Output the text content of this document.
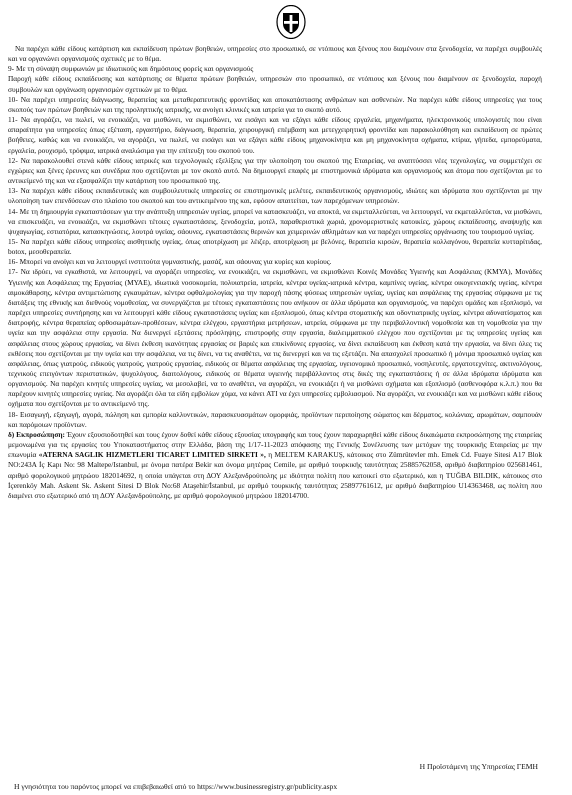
Να παρέχει κάθε είδους κατάρτιση και εκπαίδευση πρώτων βοηθειών, υπηρεσίες στο προσωπικό, σε ντόπιους και ξένους που διαμένουν στα ξενοδοχεία, να παρέχει συμβουλές και να οργανώνει οργανισμούς σχετικές με το θέμα.

9- Με τη σύναψη συμφωνιών με ιδιωτικούς και δημόσιους φορείς και οργανισμούς

Παροχή κάθε είδους εκπαίδευσης και κατάρτισης σε θέματα πρώτων βοηθειών, υπηρεσιών στο προσωπικό, σε ντόπιους και ξένους που διαμένουν σε ξενοδοχεία, παροχή συμβουλών και οργάνωση οργανισμών σχετικών με το θέμα.

10- Να παρέχει υπηρεσίες διάγνωσης, θεραπείας και μεταθεραπευτικής φροντίδας και αποκατάστασης ανθρώπων και ασθενειών. Να παρέχει κάθε είδους υπηρεσίες για τους σκοπούς των πρώτων βοηθειών και της προληπτικής ιατρικής, να ανοίγει κλινικές και ιατρεία για το σκοπό αυτό.

11- Να αγοράζει, να πωλεί, να ενοικιάζει, να μισθώνει, να εκμισθώνει, να εισάγει και να εξάγει κάθε είδους εργαλεία, μηχανήματα, ηλεκτρονικούς υπολογιστές που είναι απαραίτητα για υπηρεσίες όπως εξέταση, εργαστήριο, διάγνωση, θεραπεία, χειρουργική επέμβαση και μετεγχειρητική φροντίδα και παρακολούθηση και εκπαίδευση σε πρώτες βοήθειες, καθώς και να ενοικιάζει, να αγοράζει, να πωλεί, να εισάγει και να εξάγει κάθε είδους μηχανοκίνητα και μη μηχανοκίνητα οχήματα, κτίρια, γήπεδα, εμπορεύματα, εργαλεία, ρουχισμό, τρόφιμα, ιατρικά αναλώσιμα για την επίτευξη του σκοπού του.

12- Να παρακολουθεί στενά κάθε είδους ιατρικές και τεχνολογικές εξελίξεις για την υλοποίηση του σκοπού της Εταιρείας, να αναπτύσσει νέες τεχνολογίες, να συμμετέχει σε εγχώριες και ξένες έρευνες και συνέδρια που σχετίζονται με τον σκοπό αυτό. Να δημιουργεί επαφές με επιστημονικά ιδρύματα και οργανισμούς και άτομα που σχετίζονται με το αντικείμενό της και να εξασφαλίζει την κατάρτιση του προσωπικού της.

13- Να παρέχει κάθε είδους εκπαιδευτικές και συμβουλευτικές υπηρεσίες σε επιστημονικές μελέτες, εκπαιδευτικούς οργανισμούς, ιδιώτες και ιδρύματα που σχετίζονται με την υλοποίηση των επενδύσεων στο πλαίσιο του σκοπού και του αντικειμένου της και, εφόσον απαιτείται, των παρεχόμενων υπηρεσιών.

14- Με τη δημιουργία εγκαταστάσεων για την ανάπτυξη υπηρεσιών υγείας, μπορεί να κατασκευάζει, να αποκτά, να εκμεταλλεύεται, να λειτουργεί, να εκμεταλλεύεται, να μισθώνει, να επισκευάζει, να ενοικιάζει, να εκμισθώνει τέτοιες εγκαταστάσεις, ξενοδοχεία, μοτέλ, παραθεριστικά χωριά, χρονομεριστικές κατοικίες, χώρους εκπαίδευσης, αναψυχής και ψυχαγωγίας, εστιατόρια, κατασκηνώσεις, λουτρά υγείας, σάουνες, εγκαταστάσεις θερινών και χειμερινών αθλημάτων και να παρέχει υπηρεσίες οργάνωσης του τουρισμού υγείας.

15- Να παρέχει κάθε είδους υπηρεσίες αισθητικής υγείας, όπως αποτρίχωση με λέιζερ, αποτρίχωση με βελόνες, θεραπεία κιρσών, θεραπεία κολλαγόνου, θεραπεία κυτταρίτιδας, botox, μεσοθεραπεία.

16- Μπορεί να ανοίγει και να λειτουργεί ινστιτούτα γυμναστικής, μασάζ, και σάουνας για κυρίες και κυρίους.

17- Να ιδρύει, να εγκαθιστά, να λειτουργεί, να αγοράζει υπηρεσίες, να ενοικιάζει, να εκμισθώνει, να εκμισθώνει Κοινές Μονάδες Υγιεινής και Ασφάλειας (ΚΜΥΑ), Μονάδες Υγιεινής και Ασφάλειας της Εργασίας (ΜΥΑΕ), ιδιωτικά νοσοκομεία, πολυιατρεία, ιατρεία, κέντρα υγείας-ιατρικά κέντρα, καμπίνες υγείας, κέντρα οικογενειακής υγείας, κέντρα αιμοκάθαρσης, κέντρα αντιμετώπισης εγκαυμάτων, κέντρα οφθαλμολογίας για την παροχή πάσης φύσεως υπηρεσιών υγείας, υγείας και ασφάλειας της εργασίας σύμφωνα με τις διατάξεις της εθνικής και διεθνούς νομοθεσίας, να συνεργάζεται με τέτοιες εγκαταστάσεις που ανήκουν σε άλλα ιδρύματα και οργανισμούς, να παρέχει ομάδες και εξοπλισμό, να παρέχει υπηρεσίες συντήρησης και να λειτουργεί κάθε είδους εγκαταστάσεις υγείας και εξοπλισμού, όπως κέντρα στοματικής και οδοντιατρικής υγείας, κέντρα αδυνατίσματος και διατροφής, κέντρα θεραπείας ορθοσωμάτων-προθέσεων, κέντρα ελέγχου, εργαστήρια μετρήσεων, ιατρεία, σύμφωνα με την περιβαλλοντική νομοθεσία και τη νομοθεσία για την υγεία και την ασφάλεια στην εργασία. Να διενεργεί εξετάσεις πρόσληψης, επιστροφής στην εργασία, διαλειμματικού ελέγχου που σχετίζονται με τις υπηρεσίες υγείας και ασφάλειας στους χώρους εργασίας, να δίνει έκθεση ικανότητας εργασίας σε βαριές και επικίνδυνες εργασίες, να δίνει εκπαίδευση και έκθεση κατά την εργασία, να δίνει όλες τις εκθέσεις που σχετίζονται με την υγεία και την ασφάλεια, να τις δίνει, να τις αναθέτει, να τις διενεργεί και να τις εξετάζει. Να απασχολεί προσωπικό ή μόνιμα προσωπικό υγείας και ασφάλειας, όπως γιατρούς, ειδικούς γιατρούς, γιατρούς εργασίας, ειδικούς σε θέματα ασφάλειας της εργασίας, υγειονομικό προσωπικό, νοσηλευτές, εργατοτεχνίτες, ακτινολόγους, τεχνικούς επειγόντων περιστατικών, ψυχολόγους, διαιτολόγους, ειδικούς σε θέματα υγιεινής περιβάλλοντος στις δικές της εγκαταστάσεις ή σε άλλα ιδρύματα ιδρύματα και οργανισμούς. Να παρέχει κινητές υπηρεσίες υγείας, να μεσολαβεί, να το αναθέτει, να αγοράζει, να ενοικιάζει ή να μισθώνει σχήματα και εξοπλισμό (ασθενοφόρα κ.λ.π.) που θα παρέχουν κινητές υπηρεσίες υγείας. Να αγοράζει όλα τα είδη εμβολίων χύμα, να κάνει ΑΤΙ να έχει υπηρεσίες εμβολιασμού. Να αγοράζει, να ενοικιάζει και να μισθώνει κάθε είδους οχήματα που σχετίζονται με το αντικείμενό της.

18- Εισαγωγή, εξαγωγή, αγορά, πώληση και εμπορία καλλυντικών, παρασκευασμάτων ομορφιάς, προϊόντων περιποίησης σώματος και δέρματος, κολώνιας, αρωμάτων, σαμπουάν και παρόμοιων προϊόντων.

δ) Εκπροσώπηση: Έχουν εξουσιοδοτηθεί και τους έχουν δοθεί κάθε είδους εξουσίας υπογραφής και τους έχουν παραχωρηθεί κάθε είδους δικαιώματα εκπροσώπησης της εταιρείας μεμονωμένα για τις εργασίες του Υποκαταστήματος στην Ελλάδα, βάση της 1/17-11-2023 απόφασης της Γενικής Συνέλευσης των μετόχων της τουρκικής Εταιρείας με την επωνυμία «ATERNA SAGLIK HIZMETLERI TICARET LIMITED SIRKETI », η MELTEM KARAKUŞ, κάτοικος στο Zümrütevler mh. Emek Cd. Fuaye Sitesi A17 Blok NO:243A İç Kapı No: 98 Maltepe/Istanbul, με όνομα πατέρα Bekir και όνομα μητέρας Cemile, με αριθμό τουρκικής ταυτότητας 25885762058, αριθμό διαβατηρίου 025681461, αριθμό φορολογικού μητρώου 182014692, η οποία υπάγεται στη ΔΟΥ Αλεξανδρούπολης με ιδιότητα πολίτη που κατοικεί στο εξωτερικό, και η TUĞBA BILDIK, κάτοικος στο İçerenköy Mah. Askent Sk. Askent Sitesi D Blok No:68 Ataşehir/İstanbul, με αριθμό τουρκικής ταυτότητας 25897761612, με αριθμό διαβατηρίου U14363468, ως πολίτη που διαμένει στο εξωτερικό από τη ΔΟΥ Αλεξανδρούπολης, με αριθμό φορολογικού μητρώου 182014700.

Η Προϊστάμενη της Υπηρεσίας ΓΕΜΗ
Η γνησιότητα του παρόντος μπορεί να επιβεβαιωθεί από το https://www.businessregistry.gr/publicity.aspx
